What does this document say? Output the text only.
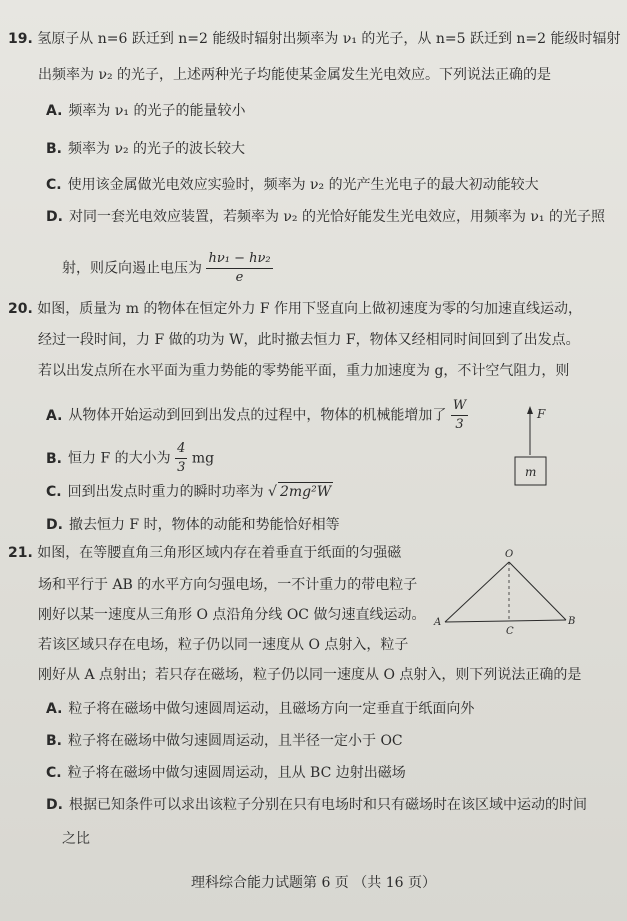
19. 氢原子从 n=6 跃迁到 n=2 能级时辐射出频率为 ν₁ 的光子，从 n=5 跃迁到 n=2 能级时辐射
出频率为 ν₂ 的光子，上述两种光子均能使某金属发生光电效应。下列说法正确的是
A. 频率为 ν₁ 的光子的能量较小
B. 频率为 ν₂ 的光子的波长较大
C. 使用该金属做光电效应实验时，频率为 ν₂ 的光产生光电子的最大初动能较大
D. 对同一套光电效应装置，若频率为 ν₂ 的光恰好能发生光电效应，用频率为 ν₁ 的光子照
射，则反向遏止电压为 $\frac{\text{hν₁ − hν₂}}{e}$
20. 如图，质量为 m 的物体在恒定外力 F 作用下竖直向上做初速度为零的匀加速直线运动，
经过一段时间，力 F 做的功为 W，此时撤去恒力 F，物体又经相同时间回到了出发点。
若以出发点所在水平面为重力势能的零势能平面，重力加速度为 g，不计空气阻力，则
A. 从物体开始运动到回到出发点的过程中，物体的机械能增加了 $\frac{W}{3}$
B. 恒力 F 的大小为 $\frac{4}{3}$ mg
C. 回到出发点时重力的瞬时功率为 √ 2mg²W
D. 撤去恒力 F 时，物体的动能和势能恰好相等
F
m
21. 如图，在等腰直角三角形区域内存在着垂直于纸面的匀强磁
场和平行于 AB 的水平方向匀强电场，一不计重力的带电粒子
刚好以某一速度从三角形 O 点沿角分线 OC 做匀速直线运动。
若该区域只存在电场，粒子仍以同一速度从 O 点射入，粒子
刚好从 A 点射出；若只存在磁场，粒子仍以同一速度从 O 点射入，则下列说法正确的是
A. 粒子将在磁场中做匀速圆周运动，且磁场方向一定垂直于纸面向外
B. 粒子将在磁场中做匀速圆周运动，且半径一定小于 OC
C. 粒子将在磁场中做匀速圆周运动，且从 BC 边射出磁场
D. 根据已知条件可以求出该粒子分别在只有电场时和只有磁场时在该区域中运动的时间
之比
O
A	B
C
理科综合能力试题第 6 页 （共 16 页）
